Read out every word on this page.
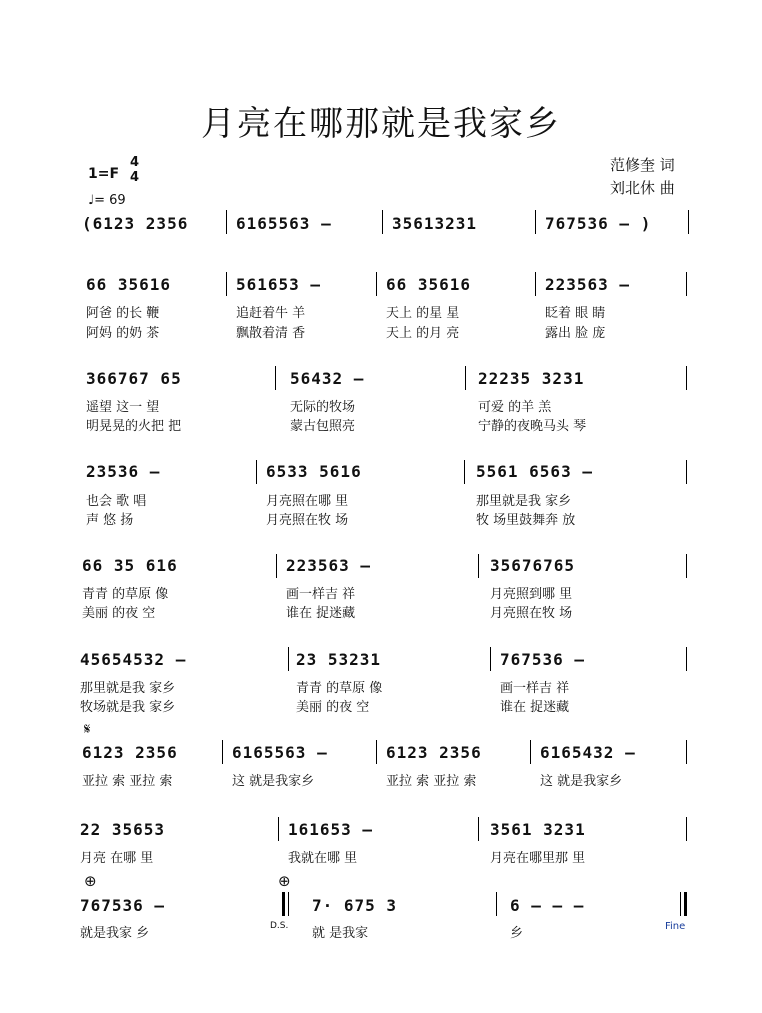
月亮在哪那就是我家乡
1=F
4
4
♩= 69
范修奎 词
刘北休 曲
(6123 2356	6165563 –	35613231	767536 – )
66 35616	561653 –	66 35616	223563 –
阿爸 的长 鞭	追赶着牛 羊	天上 的星 星	眨着 眼 睛
阿妈 的奶 茶	飘散着清 香	天上 的月 亮	露出 脸 庞
366767 65	56432 –	22235 3231
遥望 这一 望	无际的牧场	可爱 的羊 羔
明晃晃的火把 把	蒙古包照亮	宁静的夜晚马头 琴
23536 –	6533 5616	5561 6563 –
也会 歌 唱	月亮照在哪 里	那里就是我 家乡
声 悠 扬	月亮照在牧 场	牧 场里鼓舞奔 放
66 35 616	223563 –	35676765
青青 的草原 像	画一样吉 祥	月亮照到哪 里
美丽 的夜 空	谁在 捉迷藏	月亮照在牧 场
45654532 –	23 53231	767536 –
那里就是我 家乡	青青 的草原 像	画一样吉 祥
牧场就是我 家乡	美丽 的夜 空	谁在 捉迷藏
𝄋
6123 2356	6165563 –	6123 2356	6165432 –
亚拉 索 亚拉 索	这 就是我家乡	亚拉 索 亚拉 索	这 就是我家乡
22 35653	161653 –	3561 3231
月亮 在哪 里	我就在哪 里	月亮在哪里那 里
⊕	⊕
767536 –	7· 675 3	6 – – –
就是我家 乡	就 是我家	乡
D.S.	Fine
